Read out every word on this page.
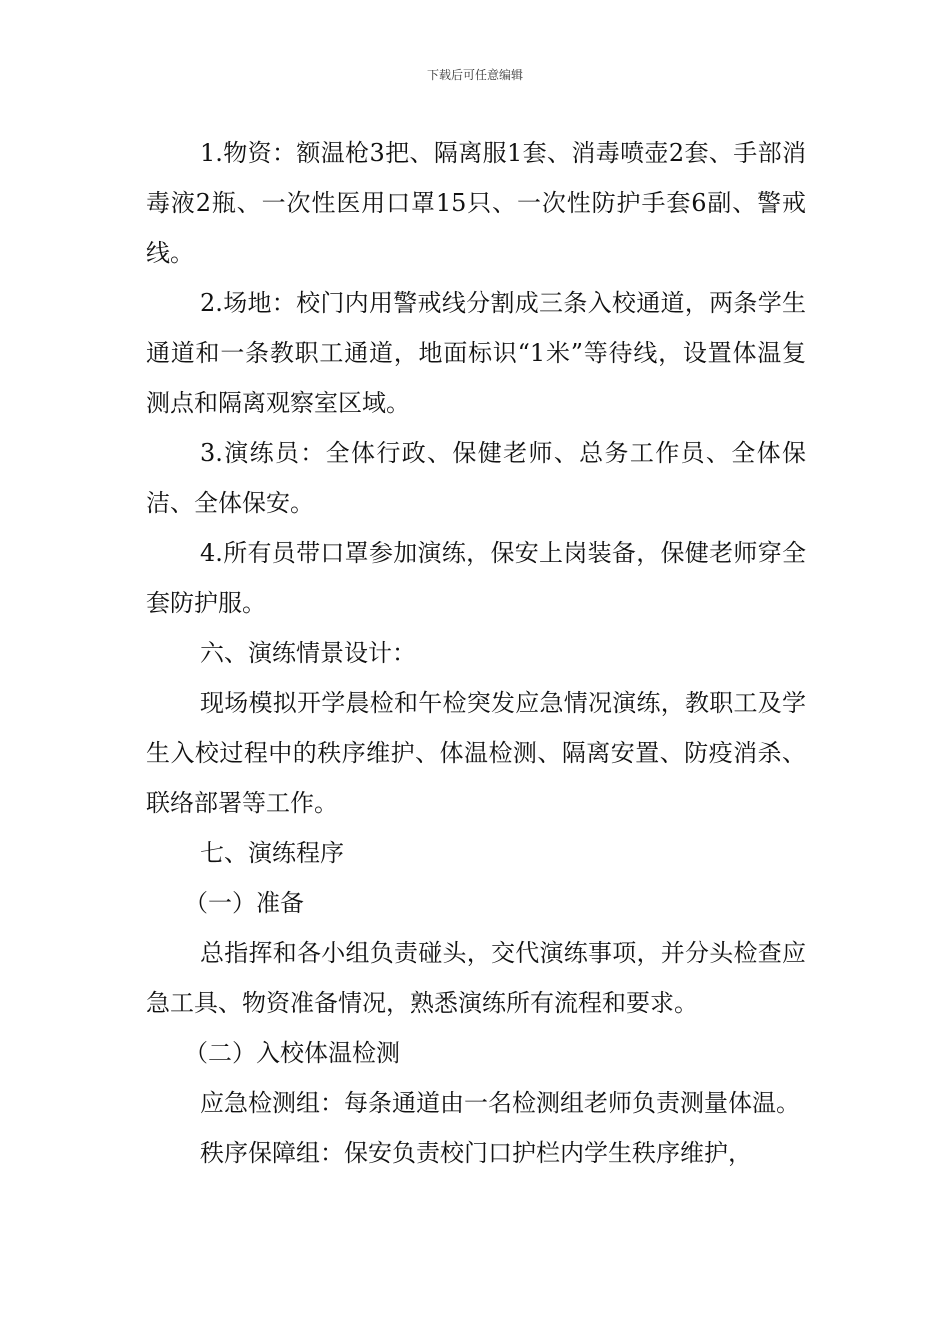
下载后可任意编辑

1.物资：额温枪3把、隔离服1套、消毒喷壶2套、手部消毒液2瓶、一次性医用口罩15只、一次性防护手套6副、警戒线。

2.场地：校门内用警戒线分割成三条入校通道，两条学生通道和一条教职工通道，地面标识“1米”等待线，设置体温复测点和隔离观察室区域。

3.演练员：全体行政、保健老师、总务工作员、全体保洁、全体保安。

4.所有员带口罩参加演练，保安上岗装备，保健老师穿全套防护服。

六、演练情景设计：

现场模拟开学晨检和午检突发应急情况演练，教职工及学生入校过程中的秩序维护、体温检测、隔离安置、防疫消杀、联络部署等工作。

七、演练程序

（一）准备

总指挥和各小组负责碰头，交代演练事项，并分头检查应急工具、物资准备情况，熟悉演练所有流程和要求。

（二）入校体温检测

应急检测组：每条通道由一名检测组老师负责测量体温。

秩序保障组：保安负责校门口护栏内学生秩序维护，
